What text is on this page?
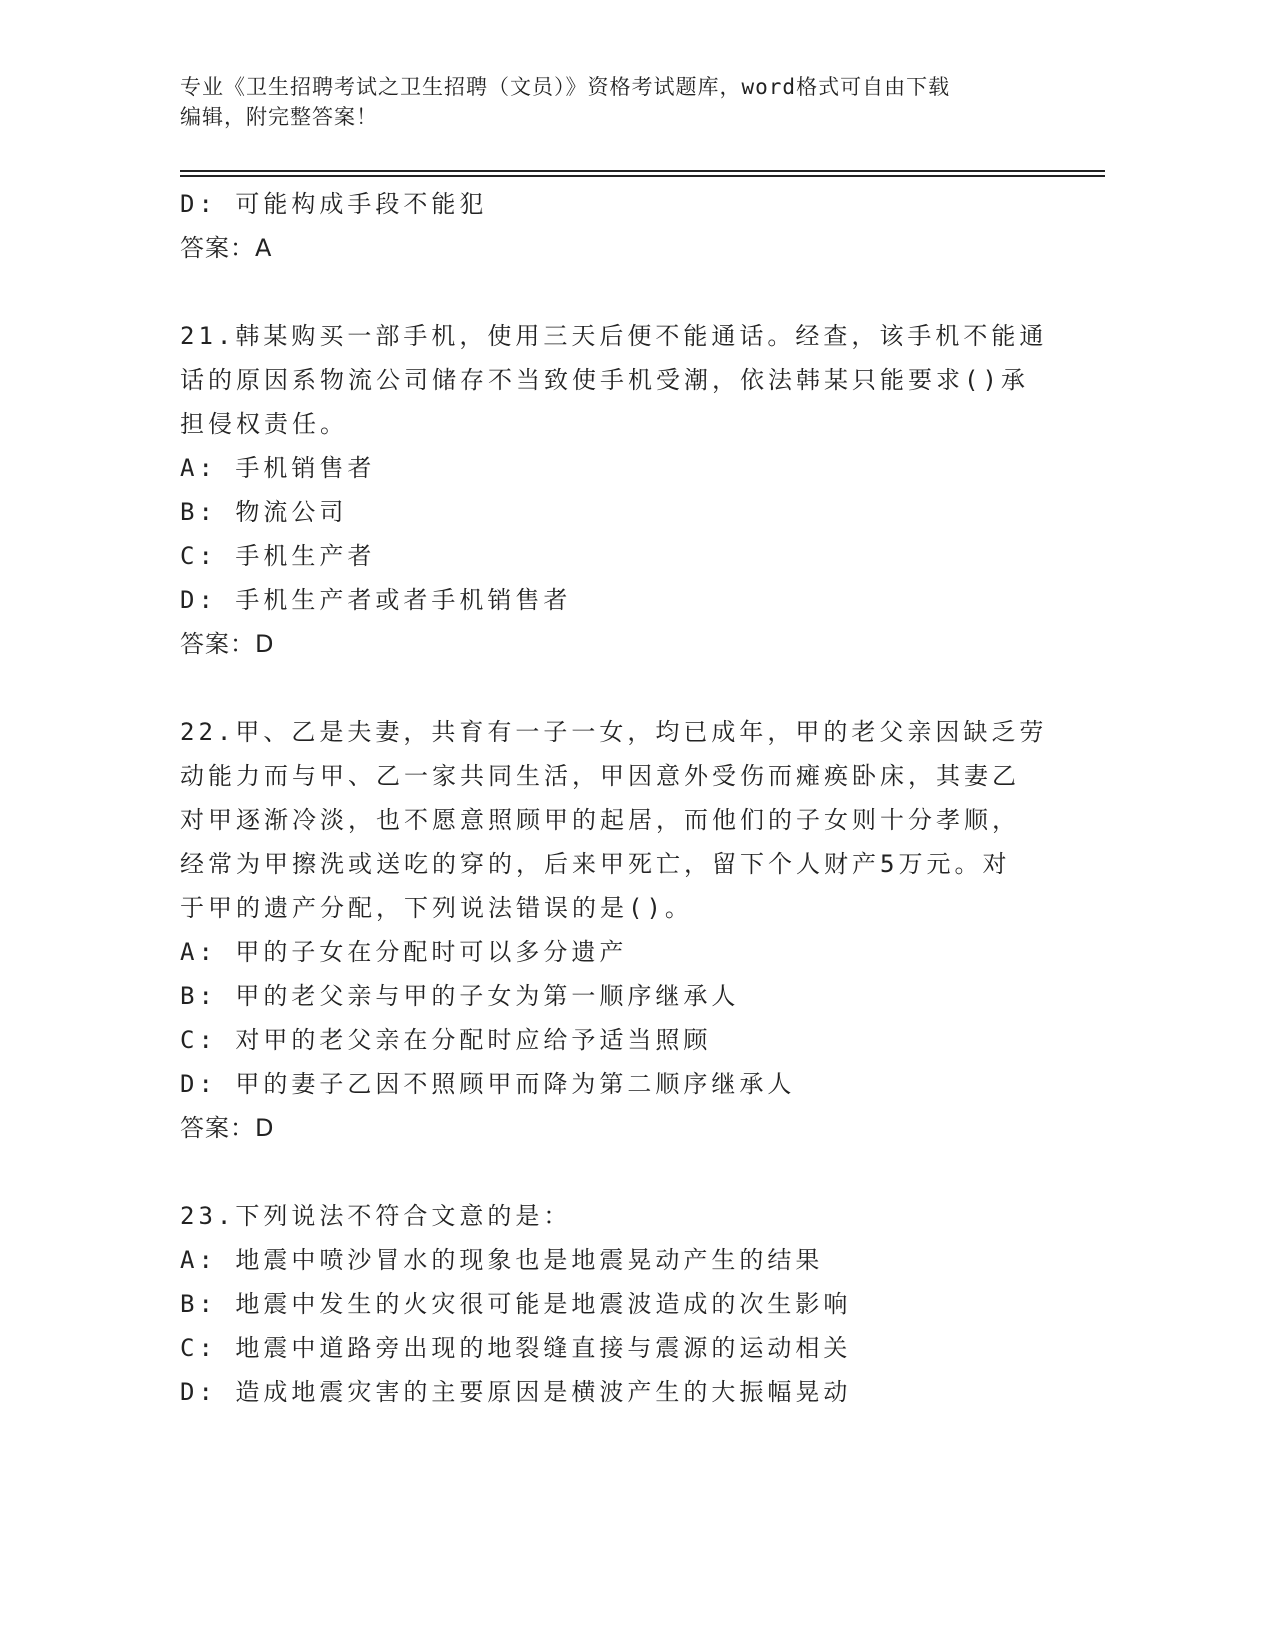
专业《卫生招聘考试之卫生招聘（文员）》资格考试题库，word格式可自由下载
编辑，附完整答案！
D: 可能构成手段不能犯
答案：A
21.韩某购买一部手机，使用三天后便不能通话。经查，该手机不能通
话的原因系物流公司储存不当致使手机受潮，依法韩某只能要求()承
担侵权责任。
A: 手机销售者
B: 物流公司
C: 手机生产者
D: 手机生产者或者手机销售者
答案：D
22.甲、乙是夫妻，共育有一子一女，均已成年，甲的老父亲因缺乏劳
动能力而与甲、乙一家共同生活，甲因意外受伤而瘫痪卧床，其妻乙
对甲逐渐冷淡，也不愿意照顾甲的起居，而他们的子女则十分孝顺，
经常为甲擦洗或送吃的穿的，后来甲死亡，留下个人财产5万元。对
于甲的遗产分配，下列说法错误的是()。
A: 甲的子女在分配时可以多分遗产
B: 甲的老父亲与甲的子女为第一顺序继承人
C: 对甲的老父亲在分配时应给予适当照顾
D: 甲的妻子乙因不照顾甲而降为第二顺序继承人
答案：D
23.下列说法不符合文意的是：
A: 地震中喷沙冒水的现象也是地震晃动产生的结果
B: 地震中发生的火灾很可能是地震波造成的次生影响
C: 地震中道路旁出现的地裂缝直接与震源的运动相关
D: 造成地震灾害的主要原因是横波产生的大振幅晃动
